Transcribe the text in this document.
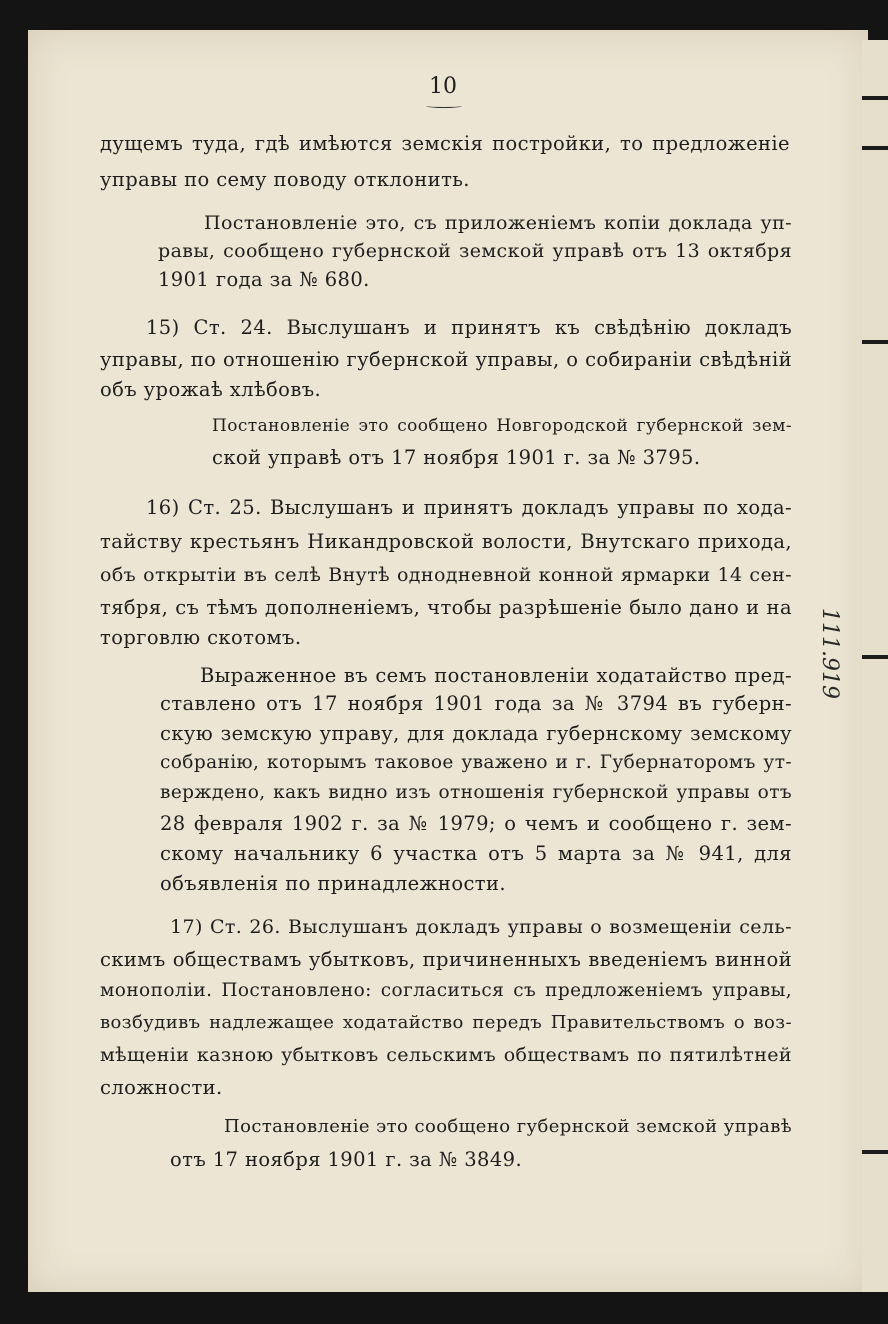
10
111.919
дущемъ туда, гдѣ имѣются земскія постройки, то предложеніе
управы по сему поводу отклонить.
Постановленіе это, съ приложеніемъ копіи доклада уп-
равы, сообщено губернской земской управѣ отъ 13 октября
1901 года за № 680.
15) Ст. 24. Выслушанъ и принятъ къ свѣдѣнію докладъ
управы, по отношенію губернской управы, о собираніи свѣдѣній
объ урожаѣ хлѣбовъ.
Постановленіе это сообщено Новгородской губернской зем-
ской управѣ отъ 17 ноября 1901 г. за № 3795.
16) Ст. 25. Выслушанъ и принятъ докладъ управы по хода-
тайству крестьянъ Никандровской волости, Внутскаго прихода,
объ открытіи въ селѣ Внутѣ однодневной конной ярмарки 14 сен-
тября, съ тѣмъ дополненіемъ, чтобы разрѣшеніе было дано и на
торговлю скотомъ.
Выраженное въ семъ постановленіи ходатайство пред-
ставлено отъ 17 ноября 1901 года за № 3794 въ губерн-
скую земскую управу, для доклада губернскому земскому
собранію, которымъ таковое уважено и г. Губернаторомъ ут-
верждено, какъ видно изъ отношенія губернской управы отъ
28 февраля 1902 г. за № 1979; о чемъ и сообщено г. зем-
скому начальнику 6 участка отъ 5 марта за № 941, для
объявленія по принадлежности.
17) Ст. 26. Выслушанъ докладъ управы о возмещеніи сель-
скимъ обществамъ убытковъ, причиненныхъ введеніемъ винной
монополіи. Постановлено: согласиться съ предложеніемъ управы,
возбудивъ надлежащее ходатайство передъ Правительствомъ о воз-
мѣщеніи казною убытковъ сельскимъ обществамъ по пятилѣтней
сложности.
Постановленіе это сообщено губернской земской управѣ
отъ 17 ноября 1901 г. за № 3849.
